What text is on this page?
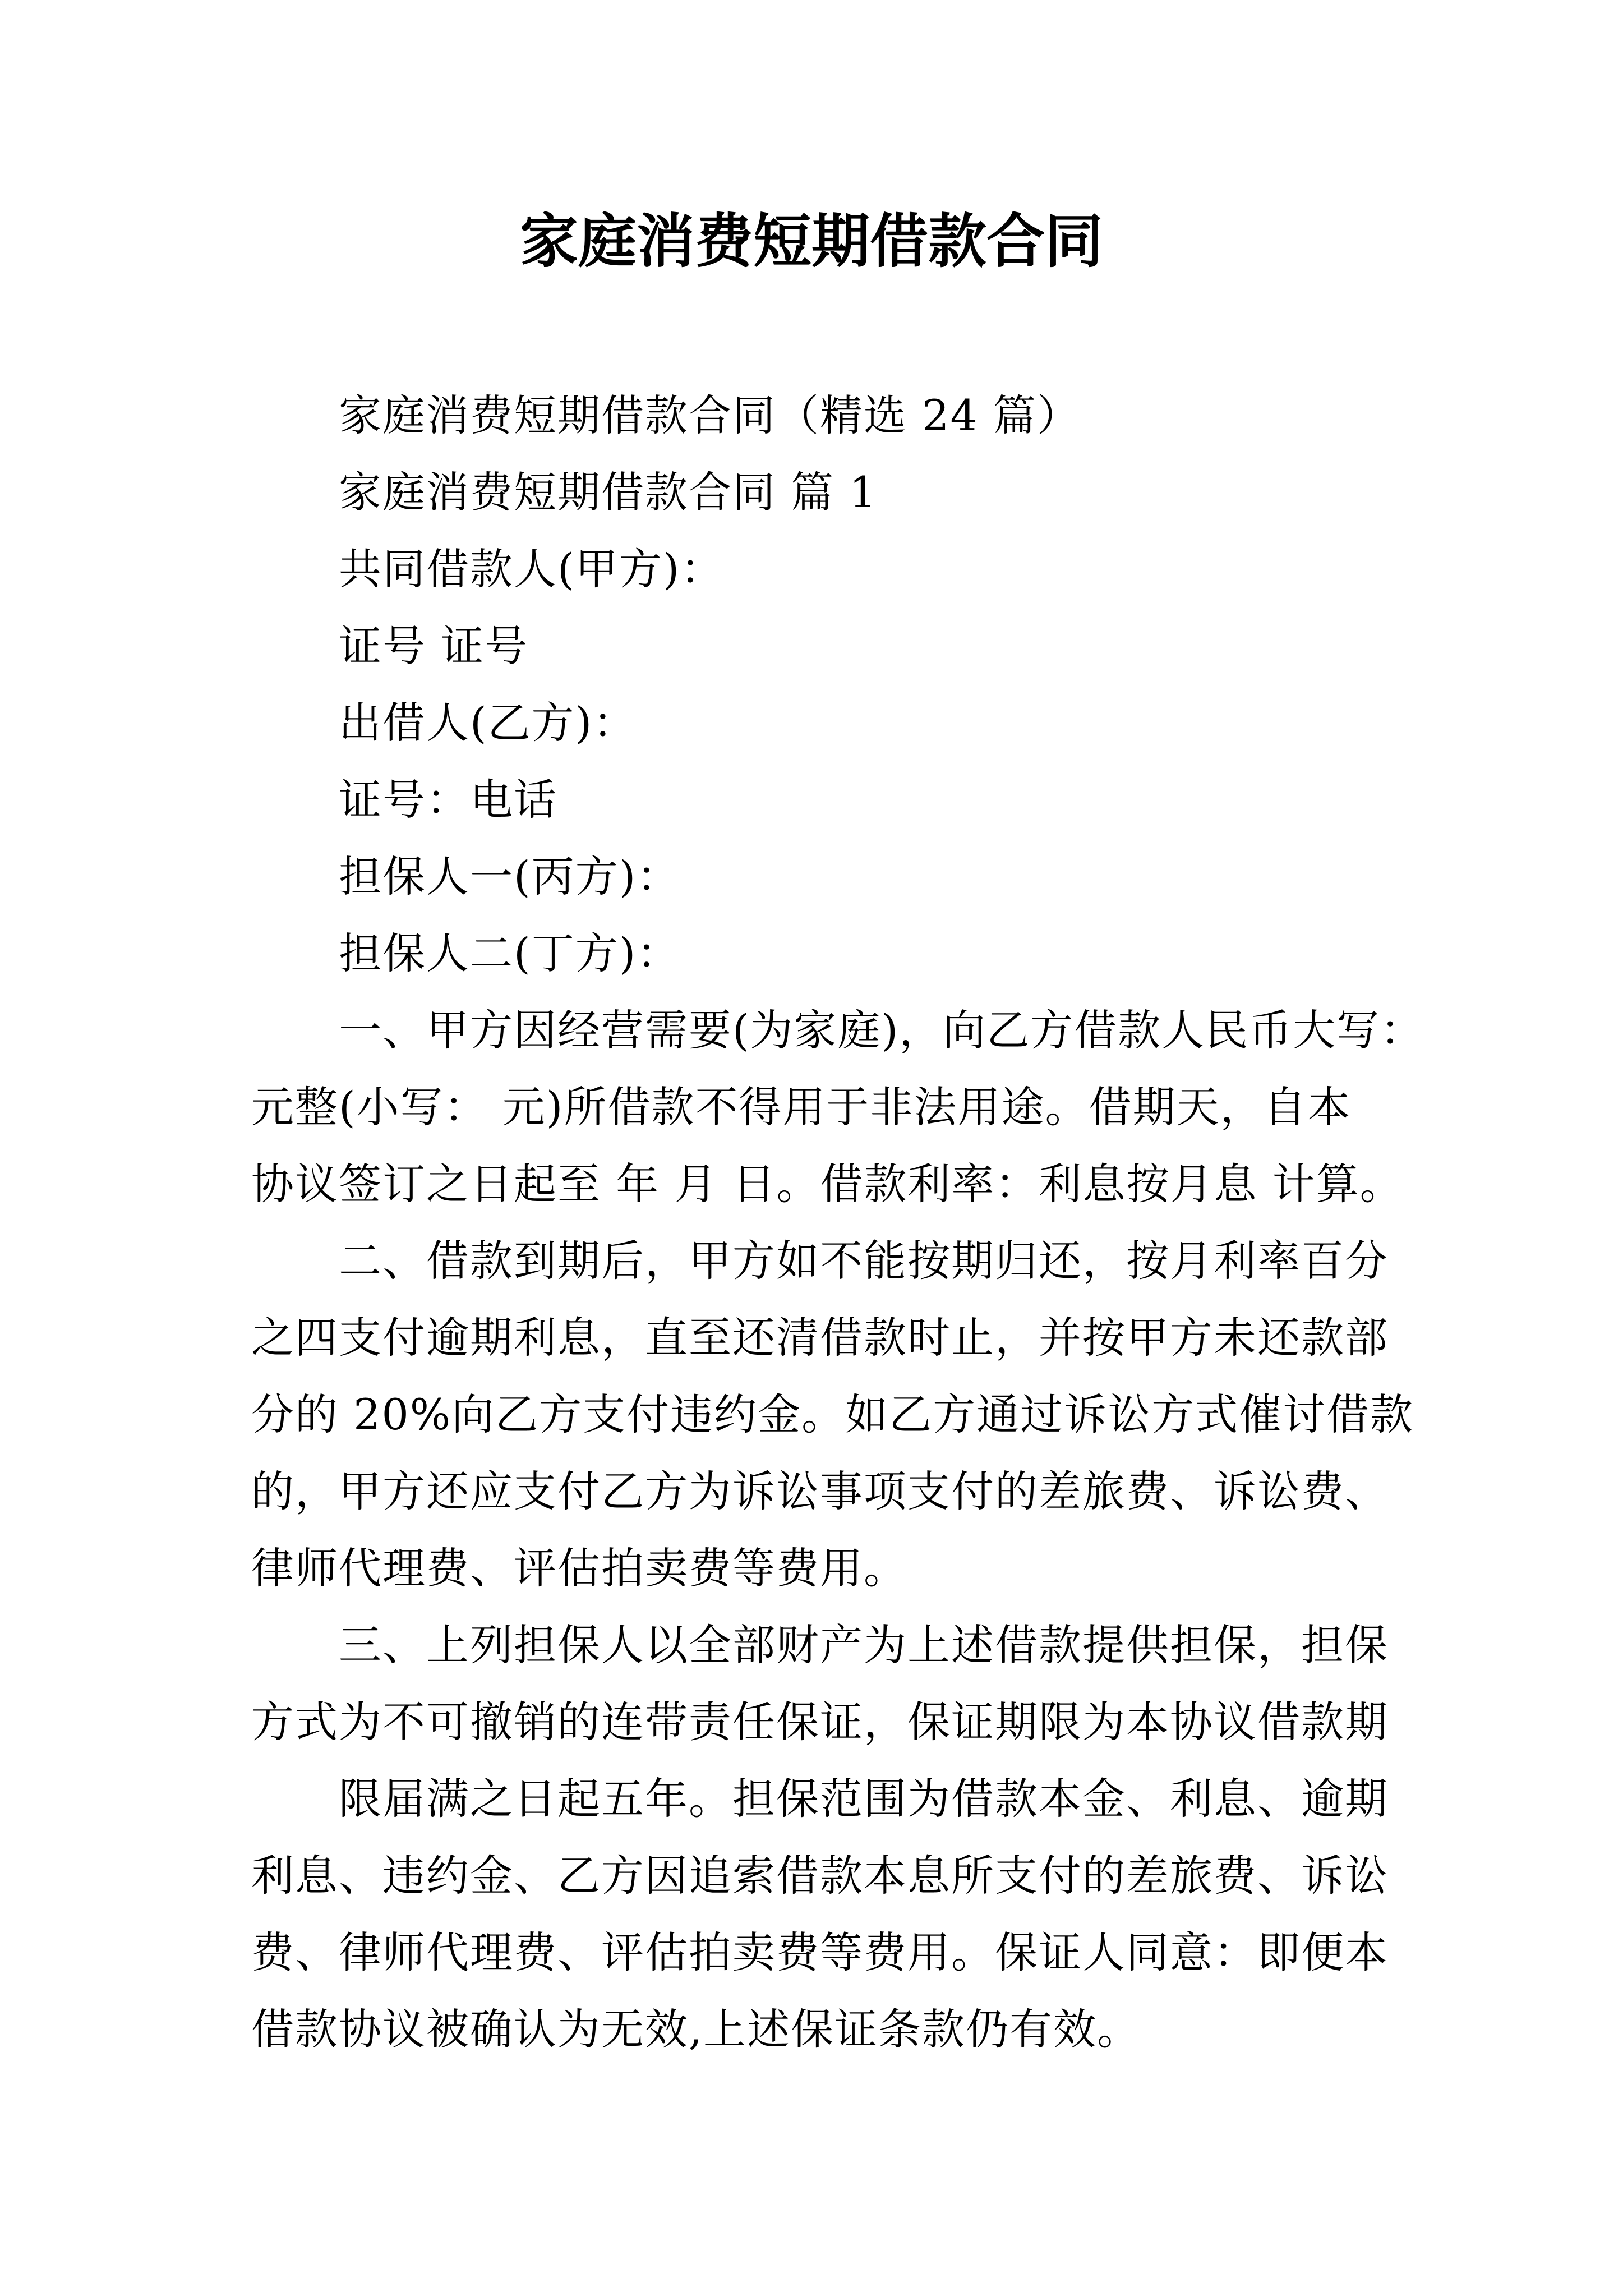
家庭消费短期借款合同

家庭消费短期借款合同（精选 24 篇）

家庭消费短期借款合同 篇 1

共同借款人(甲方)：

证号 证号

出借人(乙方)：

证号：电话

担保人一(丙方)：

担保人二(丁方)：

一、甲方因经营需要(为家庭)，向乙方借款人民币大写：

元整(小写： 元)所借款不得用于非法用途。借期天，自本

协议签订之日起至 年 月 日。借款利率：利息按月息 计算。

二、借款到期后，甲方如不能按期归还，按月利率百分

之四支付逾期利息，直至还清借款时止，并按甲方未还款部

分的 20%向乙方支付违约金。如乙方通过诉讼方式催讨借款

的，甲方还应支付乙方为诉讼事项支付的差旅费、诉讼费、

律师代理费、评估拍卖费等费用。

三、上列担保人以全部财产为上述借款提供担保，担保

方式为不可撤销的连带责任保证，保证期限为本协议借款期

限届满之日起五年。担保范围为借款本金、利息、逾期

利息、违约金、乙方因追索借款本息所支付的差旅费、诉讼

费、律师代理费、评估拍卖费等费用。保证人同意：即便本

借款协议被确认为无效,上述保证条款仍有效。
